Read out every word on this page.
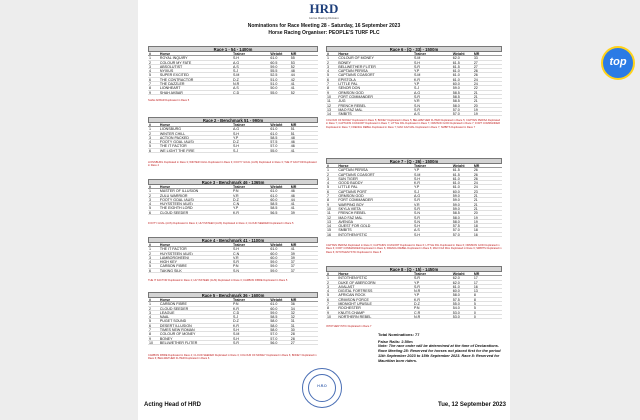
HRD
Horse Racing Division
Nominations for Race Meeting 28 - Saturday, 16 September 2023
Horse Racing Organiser: PEOPLE'S TURF PLC
Race 1 - 54 - 1400m
#	Horse	Trainer	Weight	MR
1	ROYAL INQUIRY	S.H	61.0	55
2	COLOUR MY FATE	A.G	60.5	53
3	ABSOLUTIST	A.S	59.0	52
4	NYXIUS	S.J	55.5	48
5	SUPER EXCITED	S.M	52.5	44
6	THE CONTRACTOR	D.Z	51.0	42
7	THE DAZZLER	N.R	51.0	41
8	LIONHEART	A.S	50.0	41
9	SHAH AKBAR	C.D	55.0	52
SHAH AKBAR Duplicated in Race 5
Race 2 - Benchmark 51 - 990m
#	Horse	Trainer	Weight	MR
1	LIONSBURG	A.G	61.0	51
2	WINTER CHILL	S.H	61.0	51
3	ACTION PACKED	Y.P	58.5	48
4	FOOTY GOAL (AUS)	D.Z	57.5	46
5	THE IT FACTOR	S.H	57.0	46
6	WE LIGHT THE FIRE	S.J	55.0	41
LIONSBURG Duplicated in Race 3; WINTER CHILL Duplicated in Race 3; FOOTY GOAL (AUS) Duplicated in Race 3; THE IT FACTOR Duplicated in Race 4
Race 3 - Benchmark 46 - 1365m
#	Horse	Trainer	Weight	MR
1	MASTER OF ILLUSION	P.N	61.0	46
2	ZULU WARRIOR	V.R	61.0	46
3	FOOTY GOAL (AUS)	D.Z	60.0	44
4	HUYSSTEEN (AUS)	C.N	58.5	41
5	THE EIGHTH LORD	Y.P	58.5	41
6	CLOUD SEEDER	K.R	56.5	39
FOOTY GOAL (AUS) Duplicated in Race 2; HUYSSTEEN (AUS) Duplicated in Race 4; CLOUD SEEDER Duplicated in Race 5
Race 4 - Benchmark 41 - 1100m
#	Horse	Trainer	Weight	MR
1	THE IT FACTOR	S.H	61.0	41
2	HUYSSTEEN (AUS)	C.N	60.0	39
3	LAMBORGHEENI	V.R	60.0	39
4	HIGH KEY	S.R	59.0	37
5	CARBON FIBRE	P.N	59.0	37
6	TAKING SILK	S.N	59.0	37
THE IT FACTOR Duplicated in Race 2; HUYSSTEEN (AUS) Duplicated in Race 3; CARBON FIBRE Duplicated in Race 5
Race 5 - Benchmark 36 - 1600m
#	Horse	Trainer	Weight	MR
1	CARBON FIBRE	P.N	61.0	36
2	CLOUD SEEDER	K.R	60.0	34
3	LEAGUE	C.D	59.0	32
4	NAAL	S.J	58.5	32
5	PUGET SOUND	D.Z	58.0	31
6	DESERT ILLUSION	K.R	58.0	31
7	TIMES NEW ROMAN	S.H	58.0	30
8	COLOUR OF MONEY	S.M	57.0	28
9	BONEY	S.H	57.0	28
10	BELLWETHER FLITER	S.R	56.0	27
CARBON FIBRE Duplicated in Race 4; CLOUD SEEDER Duplicated in Race 3; COLOUR OF MONEY Duplicated in Race 6; BONEY Duplicated in Race 6; BELLWETHER FLITER Duplicated in Race 6
Race 6 - (Q - 33) - 1500m
#	Horse	Trainer	Weight	MR
1	COLOUR OF MONEY	S.M	62.0	33
2	BONEY	S.H	61.5	27
3	BELLWETHER FLITER	S.R	61.5	27
4	CAPTAIN PERISA	Y.P	61.0	26
5	CAPTAINS COASORT	S.M	61.0	26
6	EPISTOLA	K.R	61.0	24
7	LITTLE PAL	Y.P	60.0	24
8	SENOR DON	S.J	59.0	22
9	ORMSON GOD	A.G	58.5	21
10	FORT COMMANDER	S.R	58.5	21
11	JUG	V.R	58.5	21
12	FRENCH REBEL	S.N	58.0	20
13	MAO FAZ MAL	S.R	57.0	19
14	SMBITS	A.S	57.0	19
COLOUR OF MONEY Duplicated in Race 5; BONEY Duplicated in Race 5; BELLWETHER FLITER Duplicated in Race 5; CAPTAIN PERISA Duplicated in Race 7; CAPTAINS COASORT Duplicated in Race 7; LITTLE PAL Duplicated in Race 7; ORMSON GOD Duplicated in Race 7; FORT COMMANDER Duplicated in Race 7; FRENCH REBEL Duplicated in Race 7; MAO FAZ MAL Duplicated in Race 7; SMBITS Duplicated in Race 7
Race 7 - (Q - 26) - 1500m
#	Horse	Trainer	Weight	MR
1	CAPTAIN PERISA	Y.P	61.5	26
2	CAPTAINS COASORT	S.M	61.5	26
3	SUN TIGER	S.H	61.0	26
4	GOOD BUDDY	K.R	61.0	24
5	LITTLE PAL	Y.P	61.0	24
6	CAPTAINS PORT	S.J	60.0	23
7	ORMSON GOD	A.G	59.0	21
8	FORT COMMANDER	S.R	59.0	21
9	WARPING BOY	V.R	59.0	21
10	SKYLA VIETA	S.R	59.0	21
11	FRENCH REBEL	S.N	58.5	20
12	MAO FAZ MAL	S.R	58.0	19
13	AVENGA	S.N	58.0	19
14	QUEST FOR GOLD	S.H	57.5	18
15	SMBITS	A.S	57.0	18
16	INTOTHENYSTIC	S.H	57.0	16
CAPTAIN PERISA Duplicated in Race 6; CAPTAINS COASORT Duplicated in Race 6; LITTLE PAL Duplicated in Race 6; ORMSON GOD Duplicated in Race 6; FORT COMMANDER Duplicated in Race 6; FRENCH REBEL Duplicated in Race 6; MAO FAZ MAL Duplicated in Race 6; SMBITS Duplicated in Race 6; INTOTHENYSTIC Duplicated in Race 8
Race 8 - (Q - 15) - 1450m
#	Horse	Trainer	Weight	MR
1	INTOTHENYSTIC	S.R	62.0	17
2	DUKE OF ABERCORN	Y.P	62.0	17
3	AXALAST	S.R	61.0	16
4	DIGITAL FORTRESS	N.R	60.0	13
5	AFRICAN ROCK	Y.P	58.0	8
6	CRIMSON FORCE	K.R	57.5	8
7	MIDNIGHT UPASILE	D.Z	55.0	5
8	ROCHESTER	P.N	54.0	5
9	KNUTS CHAMP	C.R	53.0	0
10	NORTHERN REBEL	N.R	53.0	0
INTOTHENYSTIC Duplicated in Race 7
Total Nominations: 77
False Rails: 2.50m
Note: The race order will be determined at the time of Declarations. Race Meeting 28: Reserved for horses not placed first for the period 11th September 2023 to 15th September 2023. Race 8: Reserved for Mauritian born riders.
H.R.D
Acting Head of HRD	Tue, 12 September 2023
top
